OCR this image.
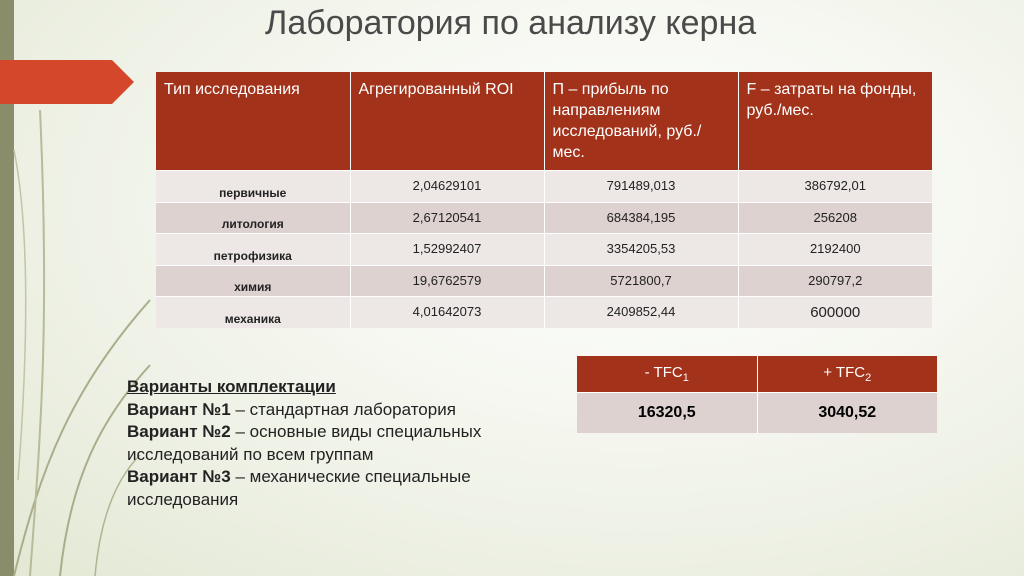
Лаборатория по анализу керна
Тип исследования	Агрегированный ROI	П – прибыль по направлениям исследований, руб./мес.	F – затраты на фонды, руб./мес.
первичные	2,04629101	791489,013	386792,01
литология	2,67120541	684384,195	256208
петрофизика	1,52992407	3354205,53	2192400
химия	19,6762579	5721800,7	290797,2
механика	4,01642073	2409852,44	600000
- $TFC_1$	+ $TFC_2$
16320,5	3040,52
Варианты комплектации
Вариант №1 – стандартная лаборатория
Вариант №2 – основные виды специальных исследований по всем группам
Вариант №3 – механические специальные исследования
